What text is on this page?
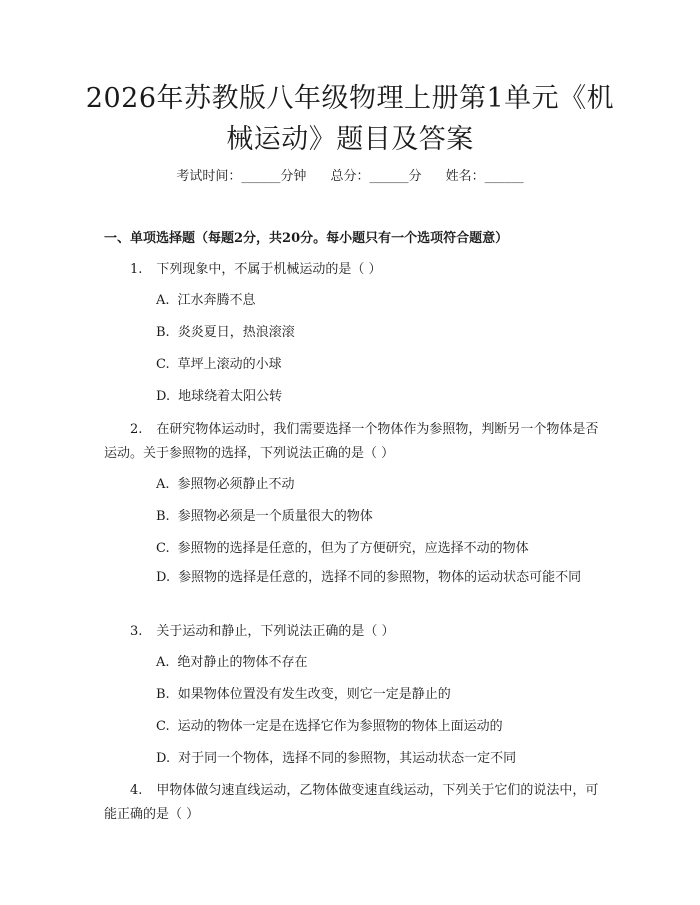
2026年苏教版八年级物理上册第1单元《机械运动》题目及答案
考试时间：______分钟 总分：______分 姓名：______
一、单项选择题（每题2分，共20分。每小题只有一个选项符合题意）
1. 下列现象中，不属于机械运动的是（ ）
A. 江水奔腾不息
B. 炎炎夏日，热浪滚滚
C. 草坪上滚动的小球
D. 地球绕着太阳公转
2. 在研究物体运动时，我们需要选择一个物体作为参照物，判断另一个物体是否运动。关于参照物的选择，下列说法正确的是（ ）
A. 参照物必须静止不动
B. 参照物必须是一个质量很大的物体
C. 参照物的选择是任意的，但为了方便研究，应选择不动的物体
D. 参照物的选择是任意的，选择不同的参照物，物体的运动状态可能不同
3. 关于运动和静止，下列说法正确的是（ ）
A. 绝对静止的物体不存在
B. 如果物体位置没有发生改变，则它一定是静止的
C. 运动的物体一定是在选择它作为参照物的物体上面运动的
D. 对于同一个物体，选择不同的参照物，其运动状态一定不同
4. 甲物体做匀速直线运动，乙物体做变速直线运动，下列关于它们的说法中，可能正确的是（ ）
